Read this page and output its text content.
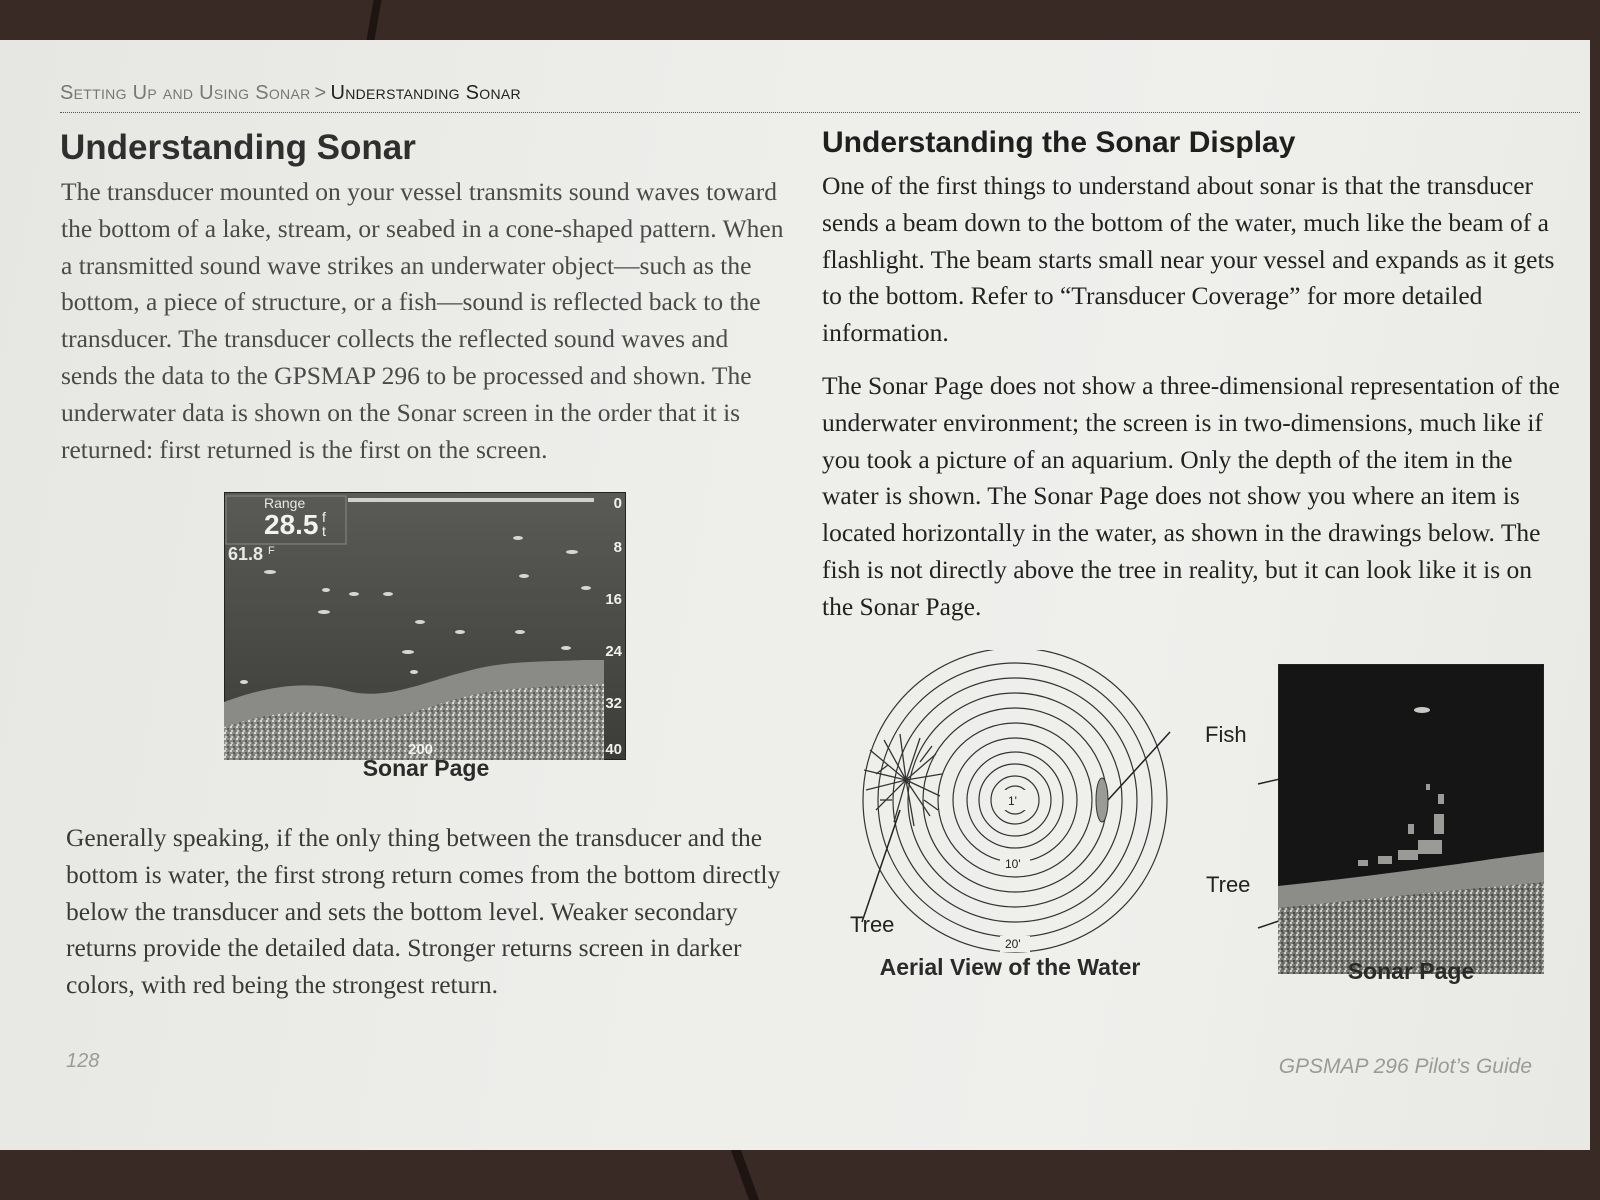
Setting Up and Using Sonar > Understanding Sonar
Understanding Sonar

The transducer mounted on your vessel transmits sound waves toward the bottom of a lake, stream, or seabed in a cone-shaped pattern. When a transmitted sound wave strikes an underwater object—such as the bottom, a piece of structure, or a fish—sound is reflected back to the transducer. The transducer collects the reflected sound waves and sends the data to the GPSMAP 296 to be processed and shown. The underwater data is shown on the Sonar screen in the order that it is returned: first returned is the first on the screen.

Range
28.5 f
t
61.8 F
0
8
16
24
32
40
200
Sonar Page

Generally speaking, if the only thing between the transducer and the bottom is water, the first strong return comes from the bottom directly below the transducer and sets the bottom level. Weaker secondary returns provide the detailed data. Stronger returns screen in darker colors, with red being the strongest return.

Understanding the Sonar Display

One of the first things to understand about sonar is that the transducer sends a beam down to the bottom of the water, much like the beam of a flashlight. The beam starts small near your vessel and expands as it gets to the bottom. Refer to “Transducer Coverage” for more detailed information.

The Sonar Page does not show a three-dimensional representation of the underwater environment; the screen is in two-dimensions, much like if you took a picture of an aquarium. Only the depth of the item in the water is shown. The Sonar Page does not show you where an item is located horizontally in the water, as shown in the drawings below. The fish is not directly above the tree in reality, but it can look like it is on the Sonar Page.

1'
10'
20'
Fish
Tree
Aerial View of the Water
Tree
Sonar Page
128	GPSMAP 296 Pilot’s Guide
